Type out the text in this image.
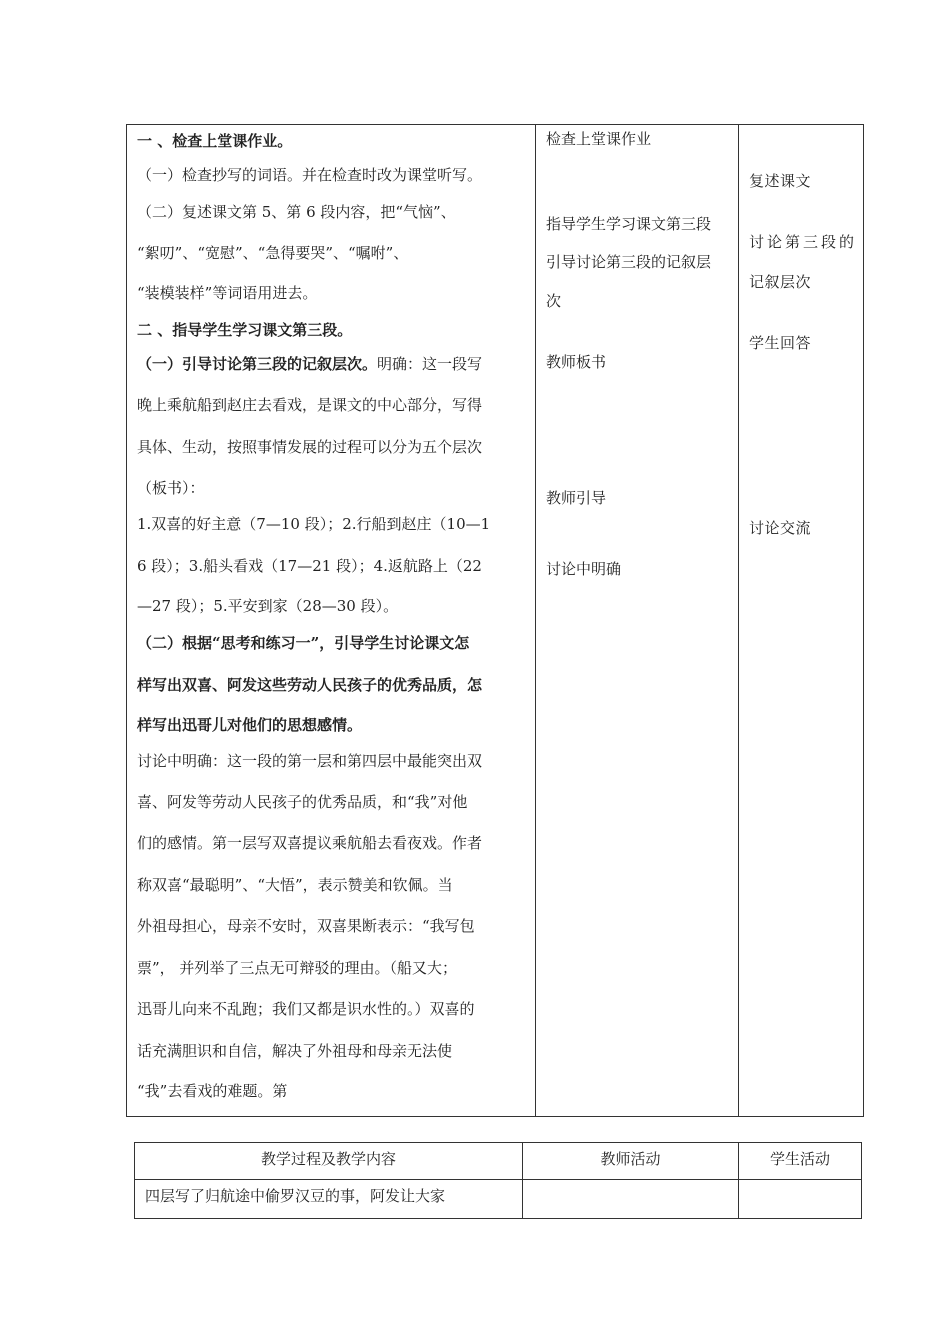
一 、检查上堂课作业。
（一）检查抄写的词语。并在检查时改为课堂听写。
（二）复述课文第 5、第 6 段内容，把“气恼”、
“絮叨”、“宽慰”、“急得要哭”、“嘱咐”、
“装模装样”等词语用进去。
二 、指导学生学习课文第三段。
（一）引导讨论第三段的记叙层次。明确：这一段写
晚上乘航船到赵庄去看戏，是课文的中心部分，写得
具体、生动，按照事情发展的过程可以分为五个层次
（板书）：
1.双喜的好主意（7—10 段）；2.行船到赵庄（10—1
6 段）；3.船头看戏（17—21 段）；4.返航路上（22
—27 段）；5.平安到家（28—30 段）。
（二）根据“思考和练习一”，引导学生讨论课文怎
样写出双喜、阿发这些劳动人民孩子的优秀品质，怎
样写出迅哥儿对他们的思想感情。
讨论中明确：这一段的第一层和第四层中最能突出双
喜、阿发等劳动人民孩子的优秀品质，和“我”对他
们的感情。第一层写双喜提议乘航船去看夜戏。作者
称双喜“最聪明”、“大悟”，表示赞美和钦佩。当
外祖母担心，母亲不安时，双喜果断表示：“我写包
票”， 并列举了三点无可辩驳的理由。（船又大；
迅哥儿向来不乱跑；我们又都是识水性的。）双喜的
话充满胆识和自信，解决了外祖母和母亲无法使
“我”去看戏的难题。第
检查上堂课作业
指导学生学习课文第三段
引导讨论第三段的记叙层
次
教师板书
教师引导
讨论中明确
复述课文
讨论第三段的
记叙层次
学生回答
讨论交流
教学过程及教学内容	教师活动	学生活动
四层写了归航途中偷罗汉豆的事，阿发让大家
